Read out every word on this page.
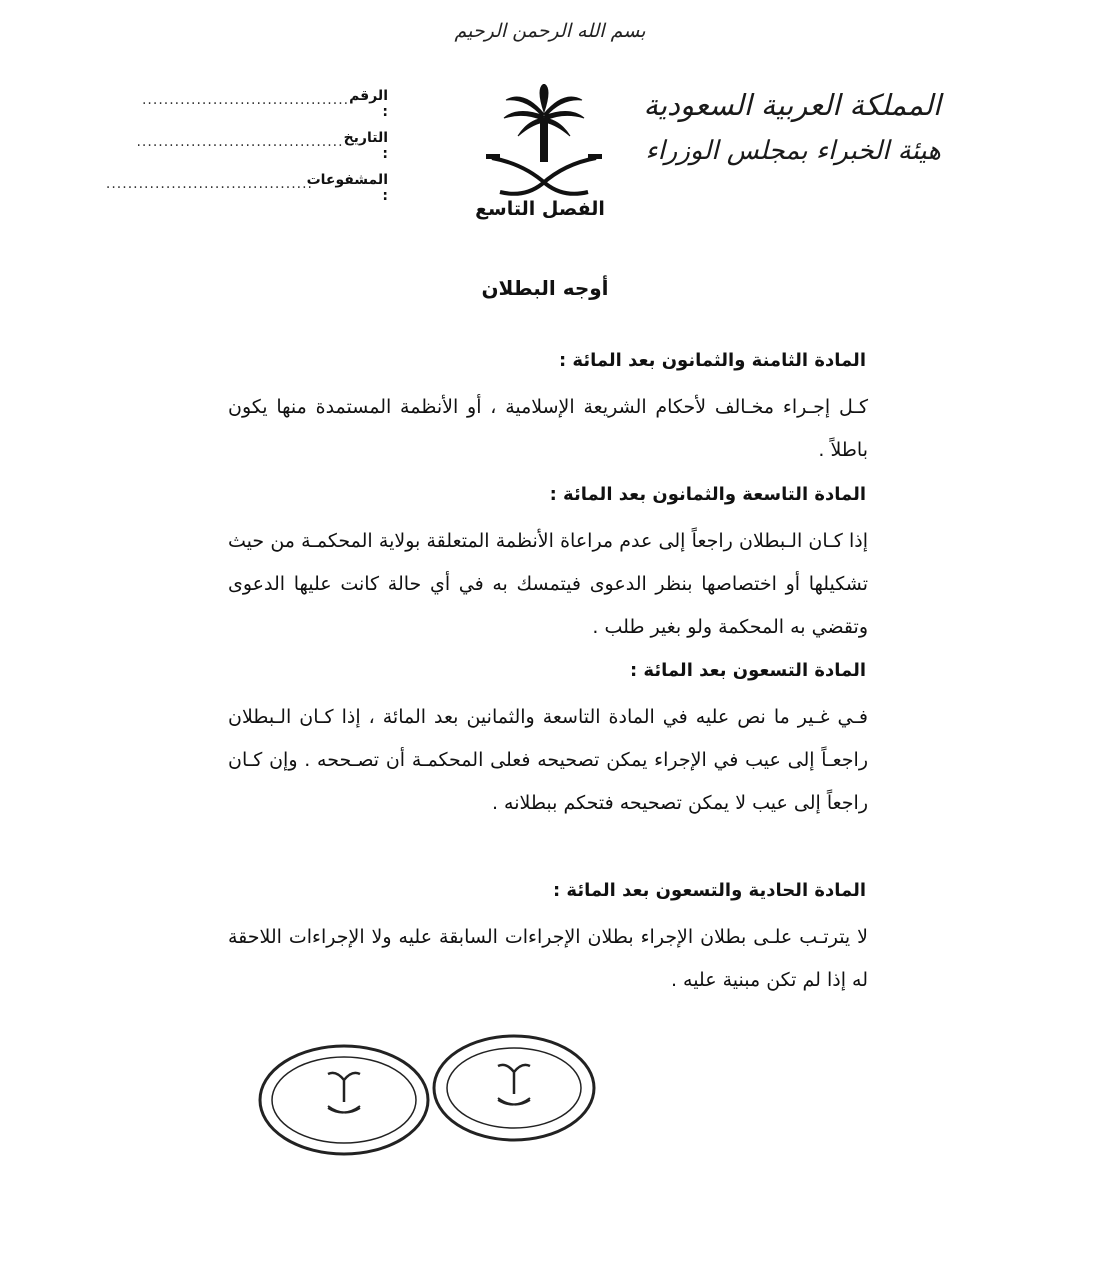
بسم الله الرحمن الرحيم
المملكة العربية السعودية
هيئة الخبراء بمجلس الوزراء
الرقم :
......................................
التاريخ :
......................................
المشفوعات :
......................................
الفصل التاسع
أوجه البطلان
المادة الثامنة والثمانون بعد المائة :
كـل إجـراء مخـالف لأحكام الشريعة الإسلامية ، أو الأنظمة المستمدة منها يكون باطلاً .
المادة التاسعة والثمانون بعد المائة :
إذا كـان الـبطلان راجعاً إلى عدم مراعاة الأنظمة المتعلقة بولاية المحكمـة من حيث تشكيلها أو اختصاصها بنظر الدعوى فيتمسك به في أي حالة كانت عليها الدعوى وتقضي به المحكمة ولو بغير طلب .
المادة التسعون بعد المائة :
فـي غـير ما نص عليه في المادة التاسعة والثمانين بعد المائة ، إذا كـان الـبطلان راجعـاً إلى عيب في الإجراء يمكن تصحيحه فعلى المحكمـة أن تصـححه . وإن كـان راجعاً إلى عيب لا يمكن تصحيحه فتحكم ببطلانه .
المادة الحادية والتسعون بعد المائة :
لا يترتـب علـى بطلان الإجراء بطلان الإجراءات السابقة عليه ولا الإجراءات اللاحقة له إذا لم تكن مبنية عليه .
